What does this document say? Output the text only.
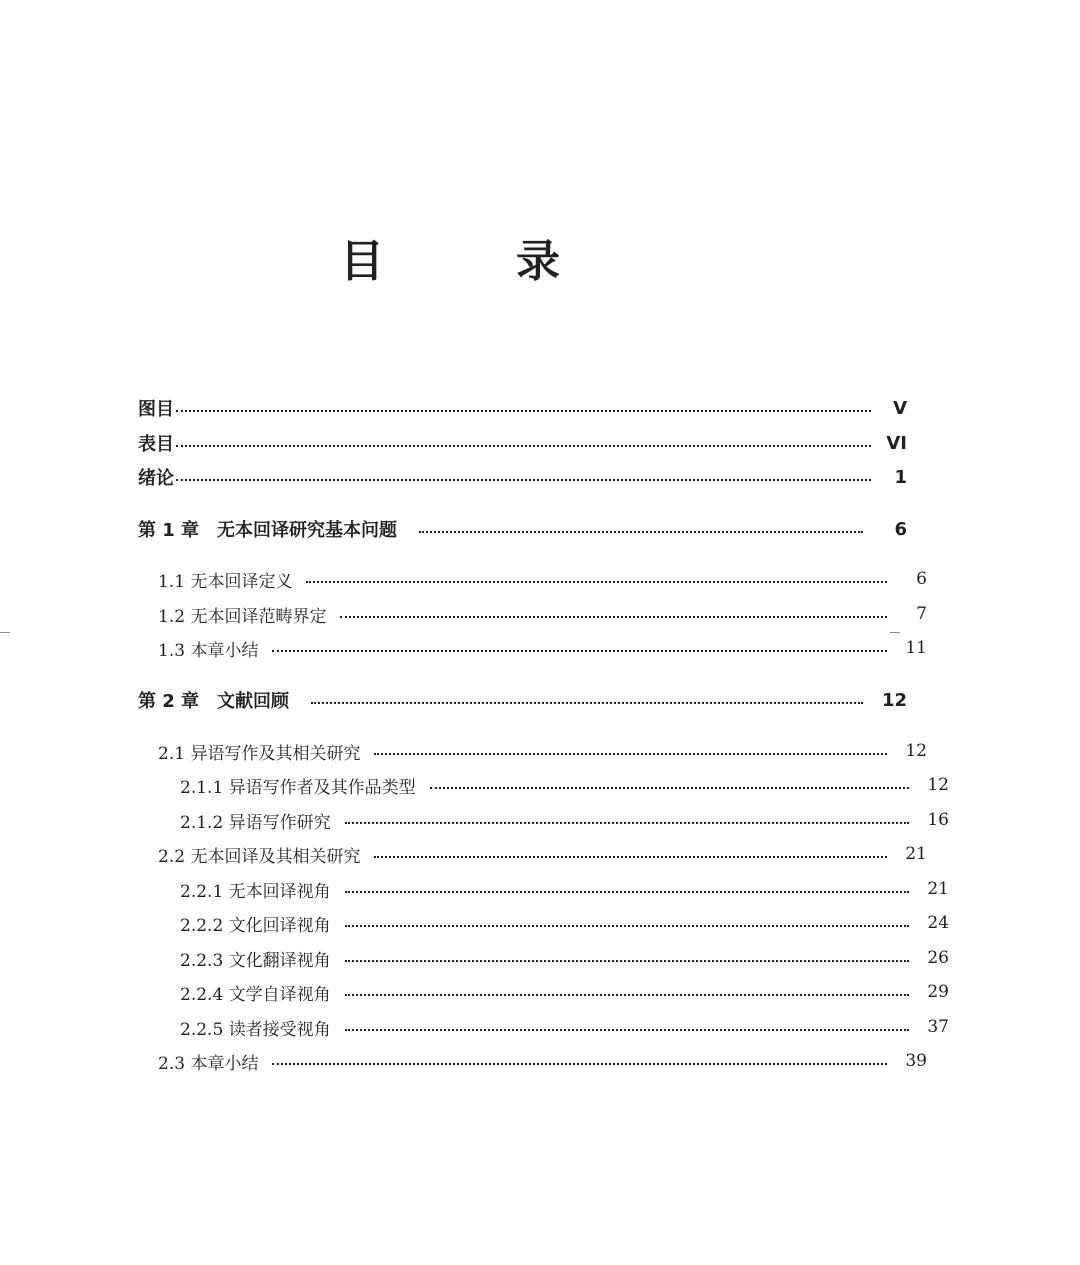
目　录
图目	V
表目	VI
绪论	1
第 1 章　无本回译研究基本问题	6
1.1 无本回译定义	6
1.2 无本回译范畴界定	7
1.3 本章小结	11
第 2 章　文献回顾	12
2.1 异语写作及其相关研究	12
2.1.1 异语写作者及其作品类型	12
2.1.2 异语写作研究	16
2.2 无本回译及其相关研究	21
2.2.1 无本回译视角	21
2.2.2 文化回译视角	24
2.2.3 文化翻译视角	26
2.2.4 文学自译视角	29
2.2.5 读者接受视角	37
2.3 本章小结	39
